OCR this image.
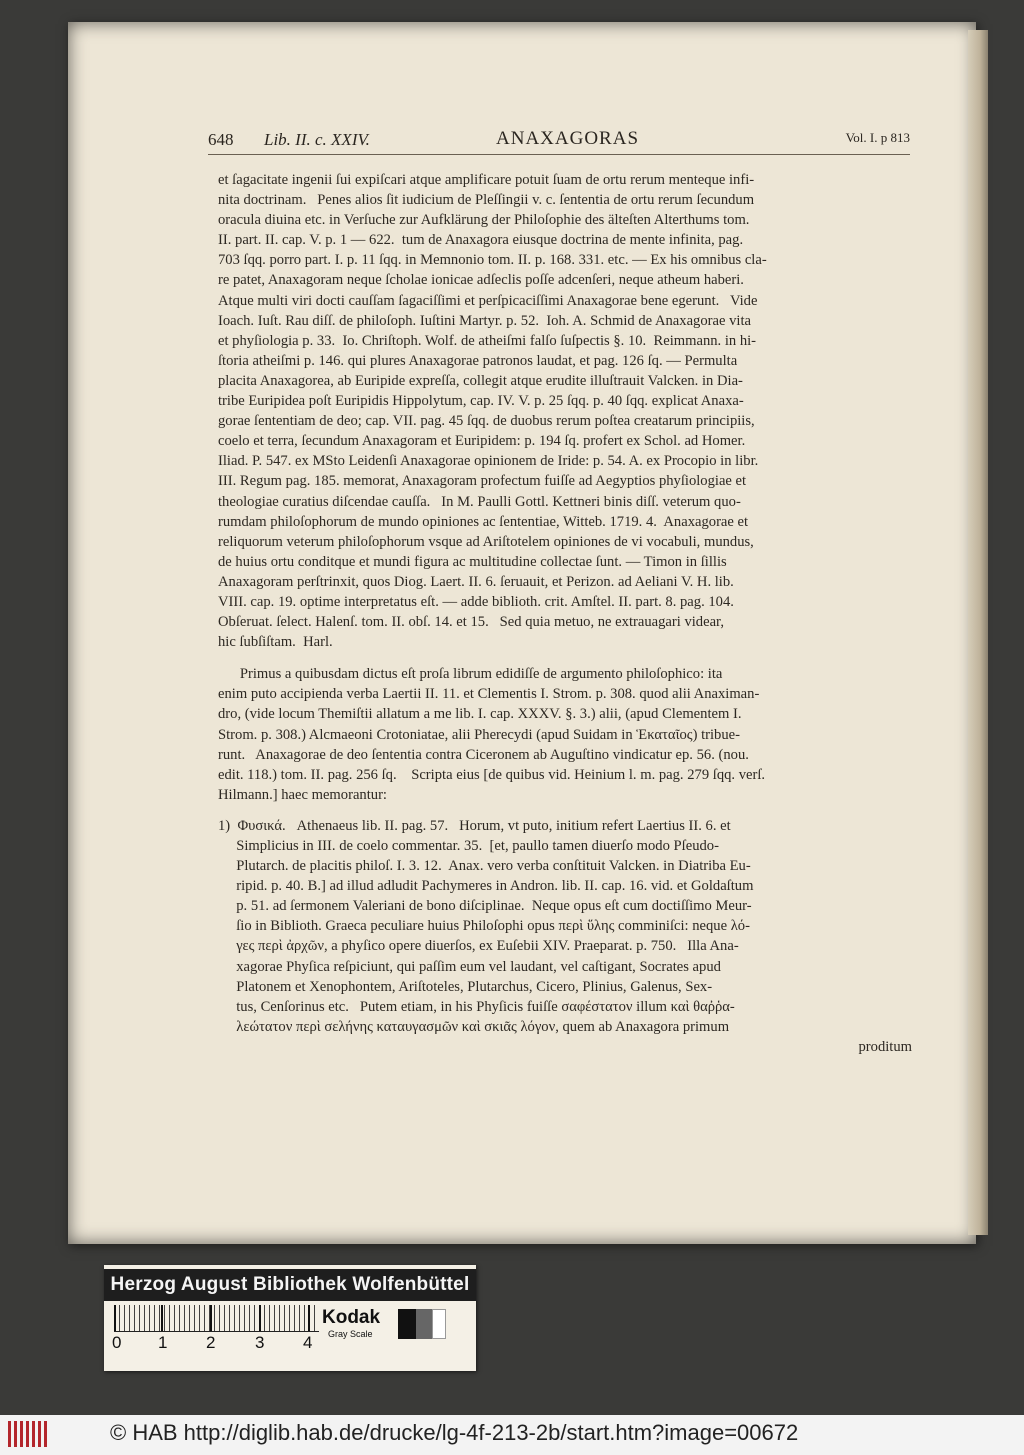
648 Lib. II. c. XXIV.	ANAXAGORAS	Vol. I. p 813

et ſagacitate ingenii ſui expiſcari atque amplificare potuit ſuam de ortu rerum menteque infi-
nita doctrinam.   Penes alios ſit iudicium de Pleſſingii v. c. ſententia de ortu rerum ſecundum
oracula diuina etc. in Verſuche zur Aufklärung der Philoſophie des älteſten Alterthums tom.
II. part. II. cap. V. p. 1 — 622.  tum de Anaxagora eiusque doctrina de mente infinita, pag.
703 ſqq. porro part. I. p. 11 ſqq. in Memnonio tom. II. p. 168. 331. etc. — Ex his omnibus cla-
re patet, Anaxagoram neque ſcholae ionicae adſeclis poſſe adcenſeri, neque atheum haberi.
Atque multi viri docti cauſſam ſagaciſſimi et perſpicaciſſimi Anaxagorae bene egerunt.   Vide
Ioach. Iuſt. Rau diſſ. de philoſoph. Iuſtini Martyr. p. 52.  Ioh. A. Schmid de Anaxagorae vita
et phyſiologia p. 33.  Io. Chriſtoph. Wolf. de atheiſmi falſo ſuſpectis §. 10.  Reimmann. in hi-
ſtoria atheiſmi p. 146. qui plures Anaxagorae patronos laudat, et pag. 126 ſq. — Permulta
placita Anaxagorea, ab Euripide expreſſa, collegit atque erudite illuſtrauit Valcken. in Dia-
tribe Euripidea poſt Euripidis Hippolytum, cap. IV. V. p. 25 ſqq. p. 40 ſqq. explicat Anaxa-
gorae ſententiam de deo; cap. VII. pag. 45 ſqq. de duobus rerum poſtea creatarum principiis,
coelo et terra, ſecundum Anaxagoram et Euripidem: p. 194 ſq. profert ex Schol. ad Homer.
Iliad. P. 547. ex MSto Leidenſi Anaxagorae opinionem de Iride: p. 54. A. ex Procopio in libr.
III. Regum pag. 185. memorat, Anaxagoram profectum fuiſſe ad Aegyptios phyſiologiae et
theologiae curatius diſcendae cauſſa.   In M. Paulli Gottl. Kettneri binis diſſ. veterum quo-
rumdam philoſophorum de mundo opiniones ac ſententiae, Witteb. 1719. 4.  Anaxagorae et
reliquorum veterum philoſophorum vsque ad Ariſtotelem opiniones de vi vocabuli, mundus,
de huius ortu conditque et mundi figura ac multitudine collectae ſunt. — Timon in ſillis
Anaxagoram perſtrinxit, quos Diog. Laert. II. 6. ſeruauit, et Perizon. ad Aeliani V. H. lib.
VIII. cap. 19. optime interpretatus eſt. — adde biblioth. crit. Amſtel. II. part. 8. pag. 104.
Obſeruat. ſelect. Halenſ. tom. II. obſ. 14. et 15.   Sed quia metuo, ne extrauagari videar,
hic ſubſiſtam.  Harl.

Primus a quibusdam dictus eſt proſa librum edidiſſe de argumento philoſophico: ita
enim puto accipienda verba Laertii II. 11. et Clementis I. Strom. p. 308. quod alii Anaximan-
dro, (vide locum Themiſtii allatum a me lib. I. cap. XXXV. §. 3.) alii, (apud Clementem I.
Strom. p. 308.) Alcmaeoni Crotoniatae, alii Pherecydi (apud Suidam in Ἑκαταῖος) tribue-
runt.   Anaxagorae de deo ſententia contra Ciceronem ab Auguſtino vindicatur ep. 56. (nou.
edit. 118.) tom. II. pag. 256 ſq.    Scripta eius [de quibus vid. Heinium l. m. pag. 279 ſqq. verſ.
Hilmann.] haec memorantur:

1)  Φυσικά.   Athenaeus lib. II. pag. 57.   Horum, vt puto, initium refert Laertius II. 6. et
Simplicius in III. de coelo commentar. 35.  [et, paullo tamen diuerſo modo Pſeudo-
Plutarch. de placitis philoſ. I. 3. 12.  Anax. vero verba conſtituit Valcken. in Diatriba Eu-
ripid. p. 40. B.] ad illud adludit Pachymeres in Andron. lib. II. cap. 16. vid. et Goldaſtum
p. 51. ad ſermonem Valeriani de bono diſciplinae.  Neque opus eſt cum doctiſſimo Meur-
ſio in Biblioth. Graeca peculiare huius Philoſophi opus περὶ ὕλης comminiſci: neque λό-
γες περὶ ἀρχῶν, a phyſico opere diuerſos, ex Euſebii XIV. Praeparat. p. 750.   Illa Ana-
xagorae Phyſica reſpiciunt, qui paſſim eum vel laudant, vel caſtigant, Socrates apud
Platonem et Xenophontem, Ariſtoteles, Plutarchus, Cicero, Plinius, Galenus, Sex-
tus, Cenſorinus etc.   Putem etiam, in his Phyſicis fuiſſe σαφέστατον illum καὶ θαῤῥα-
λεώτατον περὶ σελήνης καταυγασμῶν καὶ σκιᾶς λόγον, quem ab Anaxagora primum

proditum

Herzog August Bibliothek Wolfenbüttel
0 1 2 3 4
Kodak
Gray Scale
© HAB http://diglib.hab.de/drucke/lg-4f-213-2b/start.htm?image=00672
